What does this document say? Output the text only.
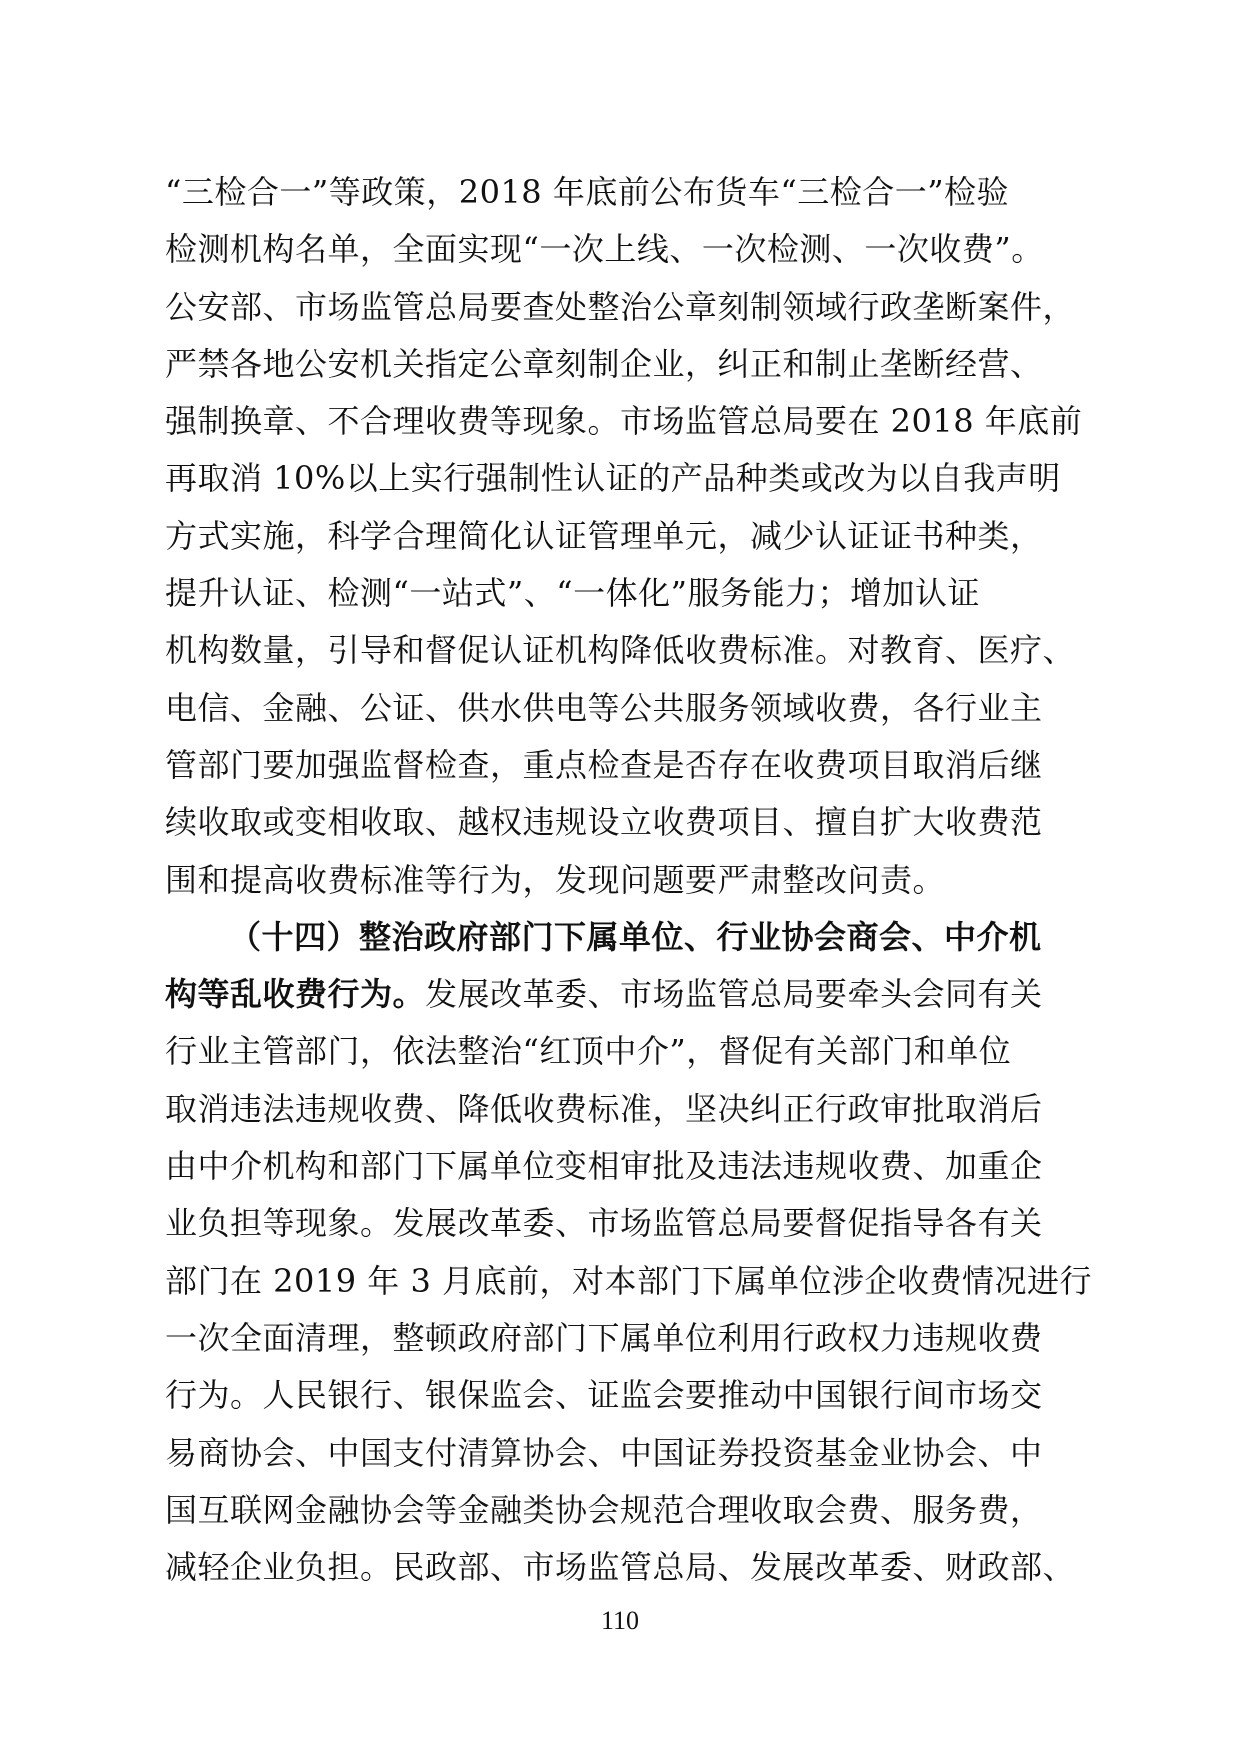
“三检合一”等政策，2018 年底前公布货车“三检合一”检验
检测机构名单，全面实现“一次上线、一次检测、一次收费”。
公安部、市场监管总局要查处整治公章刻制领域行政垄断案件，
严禁各地公安机关指定公章刻制企业，纠正和制止垄断经营、
强制换章、不合理收费等现象。市场监管总局要在 2018 年底前
再取消 10%以上实行强制性认证的产品种类或改为以自我声明
方式实施，科学合理简化认证管理单元，减少认证证书种类，
提升认证、检测“一站式”、“一体化”服务能力；增加认证
机构数量，引导和督促认证机构降低收费标准。对教育、医疗、
电信、金融、公证、供水供电等公共服务领域收费，各行业主
管部门要加强监督检查，重点检查是否存在收费项目取消后继
续收取或变相收取、越权违规设立收费项目、擅自扩大收费范
围和提高收费标准等行为，发现问题要严肃整改问责。
（十四）整治政府部门下属单位、行业协会商会、中介机
构等乱收费行为。发展改革委、市场监管总局要牵头会同有关
行业主管部门，依法整治“红顶中介”，督促有关部门和单位
取消违法违规收费、降低收费标准，坚决纠正行政审批取消后
由中介机构和部门下属单位变相审批及违法违规收费、加重企
业负担等现象。发展改革委、市场监管总局要督促指导各有关
部门在 2019 年 3 月底前，对本部门下属单位涉企收费情况进行
一次全面清理，整顿政府部门下属单位利用行政权力违规收费
行为。人民银行、银保监会、证监会要推动中国银行间市场交
易商协会、中国支付清算协会、中国证券投资基金业协会、中
国互联网金融协会等金融类协会规范合理收取会费、服务费，
减轻企业负担。民政部、市场监管总局、发展改革委、财政部、
110
